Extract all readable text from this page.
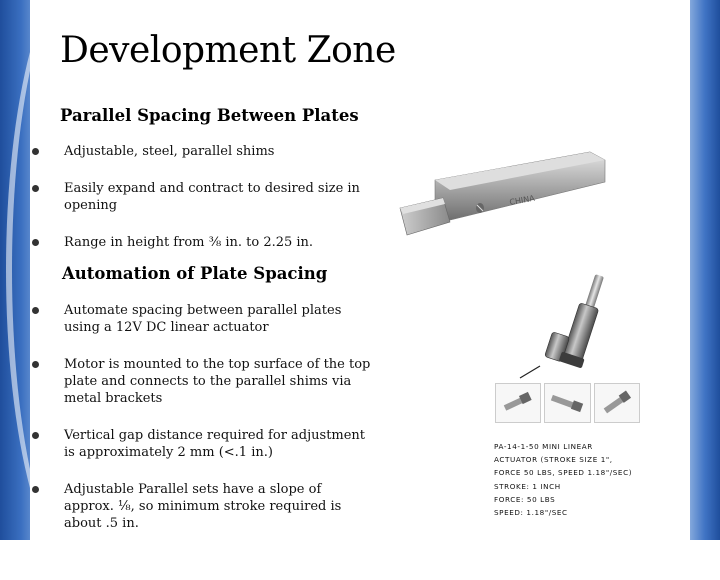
Development Zone
Parallel Spacing Between Plates
Adjustable, steel, parallel shims
Easily expand and contract to desired size in opening
Range in height from ⅜ in. to 2.25 in.
CHINA
Automation of Plate Spacing
Automate spacing between parallel plates using a 12V DC linear actuator
Motor is mounted to the top surface of the top plate and connects to the parallel shims via metal brackets
Vertical gap distance required for adjustment is approximately 2 mm (<.1 in.)
Adjustable Parallel sets have a slope of approx. ⅛, so minimum stroke required is about .5 in.
PA-14-1-50 MINI LINEAR
ACTUATOR (STROKE SIZE 1",
FORCE 50 LBS, SPEED 1.18"/SEC)
STROKE: 1 INCH
FORCE: 50 LBS
SPEED: 1.18"/SEC
